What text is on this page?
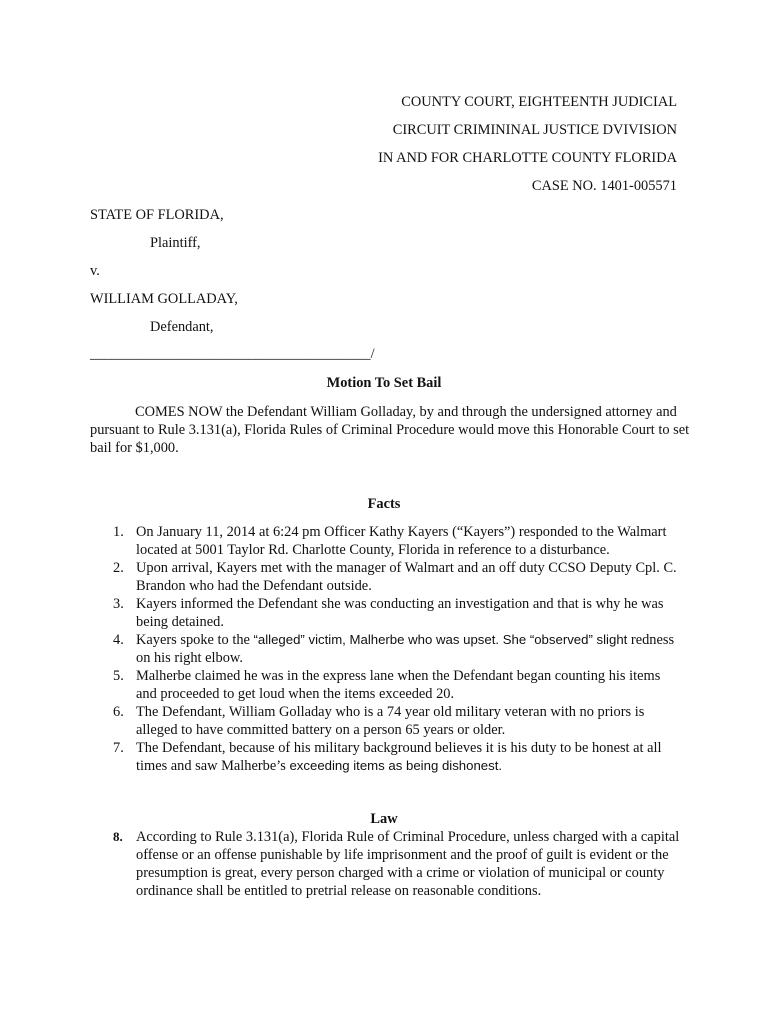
COUNTY COURT, EIGHTEENTH JUDICIAL
CIRCUIT CRIMININAL JUSTICE DVIVISION
IN AND FOR CHARLOTTE COUNTY FLORIDA
CASE NO. 1401-005571
STATE OF FLORIDA,
Plaintiff,
v.
WILLIAM GOLLADAY,
Defendant,
_______________________________________/
Motion To Set Bail
COMES NOW the Defendant William Golladay, by and through the undersigned attorney and pursuant to Rule 3.131(a), Florida Rules of Criminal Procedure would move this Honorable Court to set bail for $1,000.
Facts
1. On January 11, 2014 at 6:24 pm Officer Kathy Kayers (“Kayers”) responded to the Walmart located at 5001 Taylor Rd. Charlotte County, Florida in reference to a disturbance.
2. Upon arrival, Kayers met with the manager of Walmart and an off duty CCSO Deputy Cpl. C. Brandon who had the Defendant outside.
3. Kayers informed the Defendant she was conducting an investigation and that is why he was being detained.
4. Kayers spoke to the “alleged” victim, Malherbe who was upset. She “observed” slight redness on his right elbow.
5. Malherbe claimed he was in the express lane when the Defendant began counting his items and proceeded to get loud when the items exceeded 20.
6. The Defendant, William Golladay who is a 74 year old military veteran with no priors is alleged to have committed battery on a person 65 years or older.
7. The Defendant, because of his military background believes it is his duty to be honest at all times and saw Malherbe’s exceeding items as being dishonest.
Law
8. According to Rule 3.131(a), Florida Rule of Criminal Procedure, unless charged with a capital offense or an offense punishable by life imprisonment and the proof of guilt is evident or the presumption is great, every person charged with a crime or violation of municipal or county ordinance shall be entitled to pretrial release on reasonable conditions.
